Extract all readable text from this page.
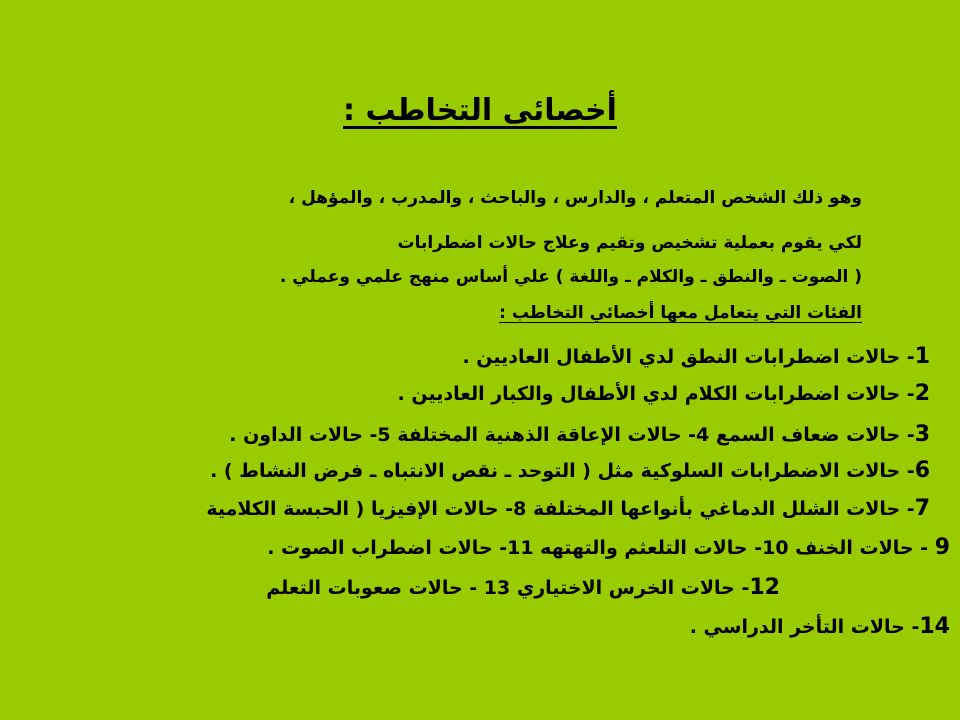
أخصائى التخاطب :
وهو ذلك الشخص المتعلم ، والدارس ، والباحث ، والمدرب ، والمؤهل ،
لكي يقوم بعملية تشخيص وتقيم وعلاج حالات اضطرابات
( الصوت ـ والنطق ـ والكلام ـ واللغة ) علي أساس منهج علمي وعملي .
الفئات التي يتعامل معها أخصائي التخاطب :
1- حالات اضطرابات النطق لدي الأطفال العاديين .
2- حالات اضطرابات الكلام لدي الأطفال والكبار العاديين .
3- حالات ضعاف السمع 4- حالات الإعاقة الذهنية المختلفة 5- حالات الداون .
6- حالات الاضطرابات السلوكية مثل ( التوحد ـ نقص الانتباه ـ فرض النشاط ) .
7- حالات الشلل الدماغي بأنواعها المختلفة 8- حالات الإفيزيا ( الحبسة الكلامية
9 - حالات الخنف 10- حالات التلعثم والتهتهه 11- حالات اضطراب الصوت .
12- حالات الخرس الاختياري 13 - حالات صعوبات التعلم
14- حالات التأخر الدراسي .
